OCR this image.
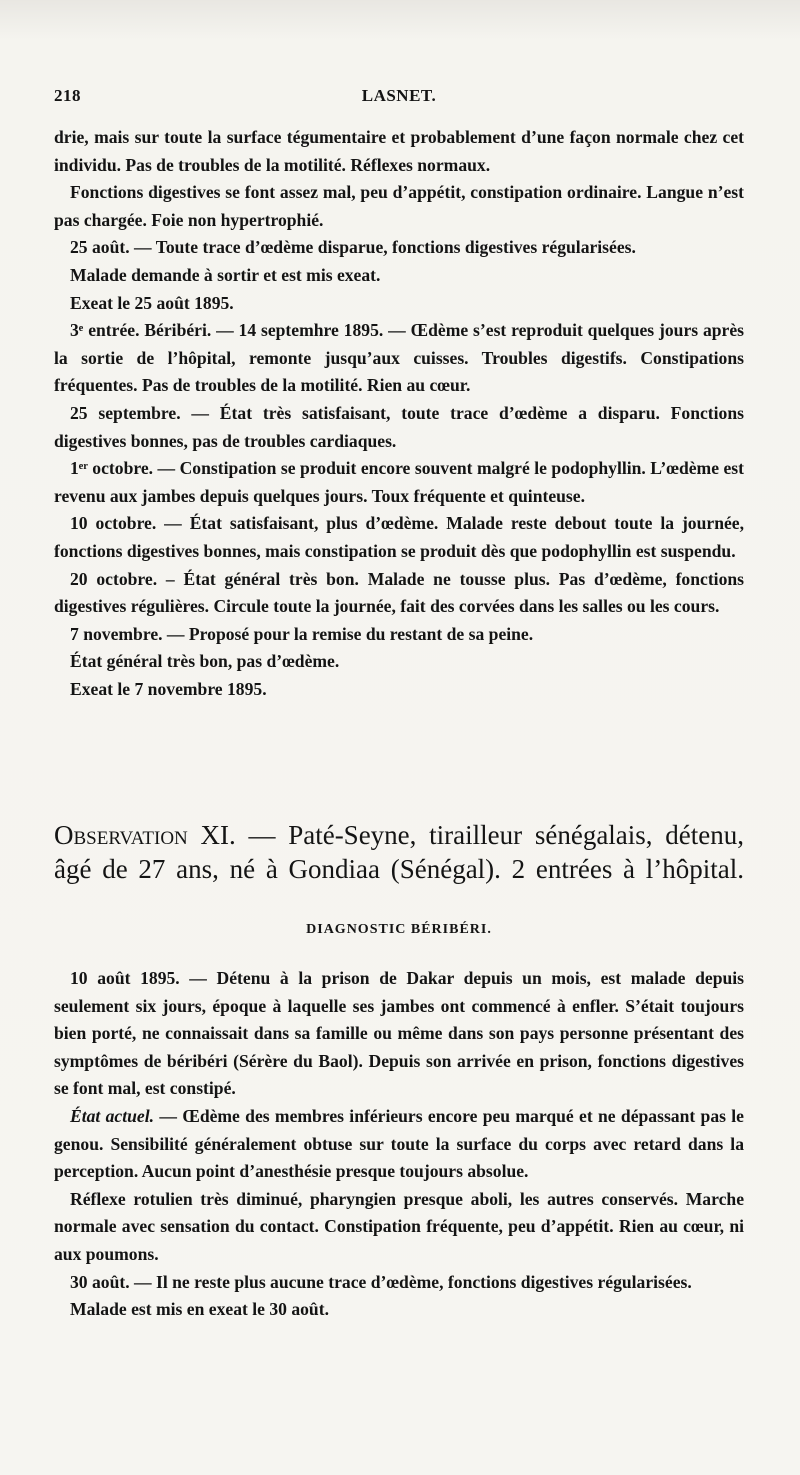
218	LASNET.

drie, mais sur toute la surface tégumentaire et probablement d’une façon normale chez cet individu. Pas de troubles de la motilité. Réflexes normaux.

Fonctions digestives se font assez mal, peu d’appétit, constipation ordinaire. Langue n’est pas chargée. Foie non hypertrophié.

25 août. — Toute trace d’œdème disparue, fonctions digestives régularisées.

Malade demande à sortir et est mis exeat.

Exeat le 25 août 1895.

3ᵉ entrée. Béribéri. — 14 septemhre 1895. — Œdème s’est reproduit quelques jours après la sortie de l’hôpital, remonte jusqu’aux cuisses. Troubles digestifs. Constipations fréquentes. Pas de troubles de la motilité. Rien au cœur.

25 septembre. — État très satisfaisant, toute trace d’œdème a disparu. Fonctions digestives bonnes, pas de troubles cardiaques.

1ᵉʳ octobre. — Constipation se produit encore souvent malgré le podophyllin. L’œdème est revenu aux jambes depuis quelques jours. Toux fréquente et quinteuse.

10 octobre. — État satisfaisant, plus d’œdème. Malade reste debout toute la journée, fonctions digestives bonnes, mais constipation se produit dès que podophyllin est suspendu.

20 octobre. – État général très bon. Malade ne tousse plus. Pas d’œdème, fonctions digestives régulières. Circule toute la journée, fait des corvées dans les salles ou les cours.

7 novembre. — Proposé pour la remise du restant de sa peine.

État général très bon, pas d’œdème.

Exeat le 7 novembre 1895.

Observation XI. — Paté-Seyne, tirailleur sénégalais, détenu,

âgé de 27 ans, né à Gondiaa (Sénégal). 2 entrées à l’hôpital.

DIAGNOSTIC BÉRIBÉRI.

10 août 1895. — Détenu à la prison de Dakar depuis un mois, est malade depuis seulement six jours, époque à laquelle ses jambes ont commencé à enfler. S’était toujours bien porté, ne connaissait dans sa famille ou même dans son pays personne présentant des symptômes de béribéri (Sérère du Baol). Depuis son arrivée en prison, fonctions digestives se font mal, est constipé.

État actuel. — Œdème des membres inférieurs encore peu marqué et ne dépassant pas le genou. Sensibilité généralement obtuse sur toute la surface du corps avec retard dans la perception. Aucun point d’anesthésie presque toujours absolue.

Réflexe rotulien très diminué, pharyngien presque aboli, les autres conservés. Marche normale avec sensation du contact. Constipation fréquente, peu d’appétit. Rien au cœur, ni aux poumons.

30 août. — Il ne reste plus aucune trace d’œdème, fonctions digestives régularisées.

Malade est mis en exeat le 30 août.
